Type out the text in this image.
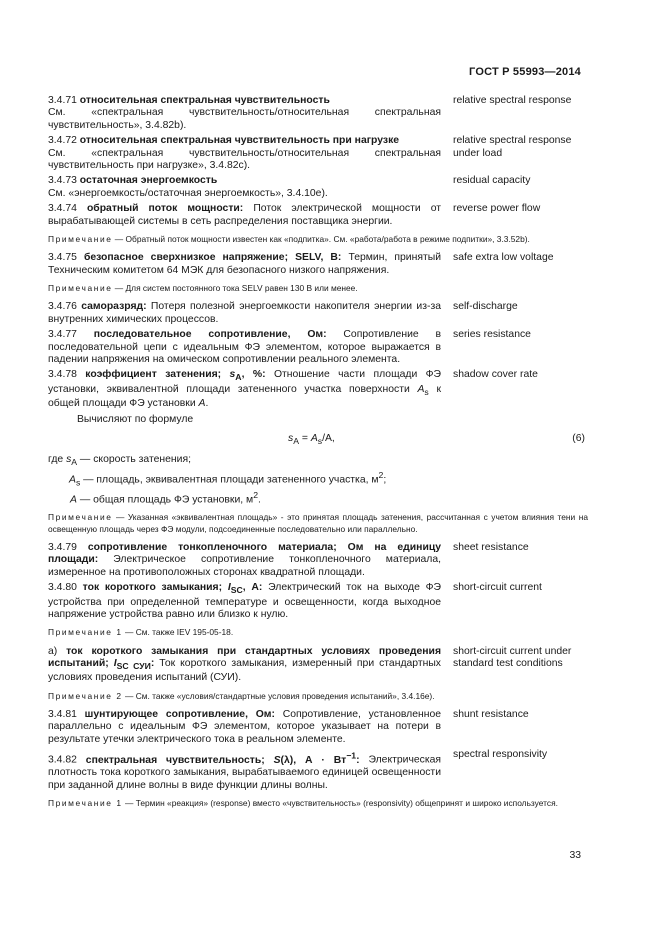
ГОСТ Р 55993—2014
3.4.71 относительная спектральная чувствительность
См. «спектральная чувствительность/относительная спектральная чувствительность», 3.4.82b).
relative spectral response
3.4.72 относительная спектральная чувствительность при нагрузке
См. «спектральная чувствительность/относительная спектральная чувствительность при нагрузке», 3.4.82c).
relative spectral response under load
3.4.73 остаточная энергоемкость
См. «энергоемкость/остаточная энергоемкость», 3.4.10e).
residual capacity
3.4.74 обратный поток мощности: Поток электрической мощности от вырабатывающей системы в сеть распределения поставщика энергии.
reverse power flow
Примечание — Обратный поток мощности известен как «подпитка». См. «работа/работа в режиме подпитки», 3.3.52b).
3.4.75 безопасное сверхнизкое напряжение; SELV, В: Термин, принятый Техническим комитетом 64 МЭК для безопасного низкого напряжения.
safe extra low voltage
Примечание — Для систем постоянного тока SELV равен 130 В или менее.
3.4.76 саморазряд: Потеря полезной энергоемкости накопителя энергии из-за внутренних химических процессов.
self-discharge
3.4.77 последовательное сопротивление, Ом: Сопротивление в последовательной цепи с идеальным ФЭ элементом, которое выражается в падении напряжения на омическом сопротивлении реального элемента.
series resistance
3.4.78 коэффициент затенения; $s_A$, %: Отношение части площади ФЭ установки, эквивалентной площади затененного участка поверхности $A_s$ к общей площади ФЭ установки A.
shadow cover rate
Вычисляют по формуле
$s_A = A_s/A$,	(6)
где $s_A$ — скорость затенения;
$A_s$ — площадь, эквивалентная площади затененного участка, $м^2$;
A — общая площадь ФЭ установки, $м^2$.
Примечание — Указанная «эквивалентная площадь» - это принятая площадь затенения, рассчитанная с учетом влияния тени на освещенную площадь через ФЭ модули, подсоединенные последовательно или параллельно.
3.4.79 сопротивление тонкопленочного материала; Ом на единицу площади: Электрическое сопротивление тонкопленочного материала, измеренное на противоположных сторонах квадратной площади.
sheet resistance
3.4.80 ток короткого замыкания; $I_{SC}$, А: Электрический ток на выходе ФЭ устройства при определенной температуре и освещенности, когда выходное напряжение устройства равно или близко к нулю.
short-circuit current
Примечание 1 — См. также IEV 195-05-18.
а) ток короткого замыкания при стандартных условиях проведения испытаний; $I_{SC СУИ}$: Ток короткого замыкания, измеренный при стандартных условиях проведения испытаний (СУИ).
short-circuit current under standard test conditions
Примечание 2 — См. также «условия/стандартные условия проведения испытаний», 3.4.16е).
3.4.81 шунтирующее сопротивление, Ом: Сопротивление, установленное параллельно с идеальным ФЭ элементом, которое указывает на потери в результате утечки электрического тока в реальном элементе.
shunt resistance
3.4.82 спектральная чувствительность; S(λ), $А \cdot Вт^{-1}$: Электрическая плотность тока короткого замыкания, вырабатываемого единицей освещенности при заданной длине волны в виде функции длины волны.
spectral responsivity
Примечание 1 — Термин «реакция» (response) вместо «чувствительность» (responsivity) общепринят и широко используется.
33
